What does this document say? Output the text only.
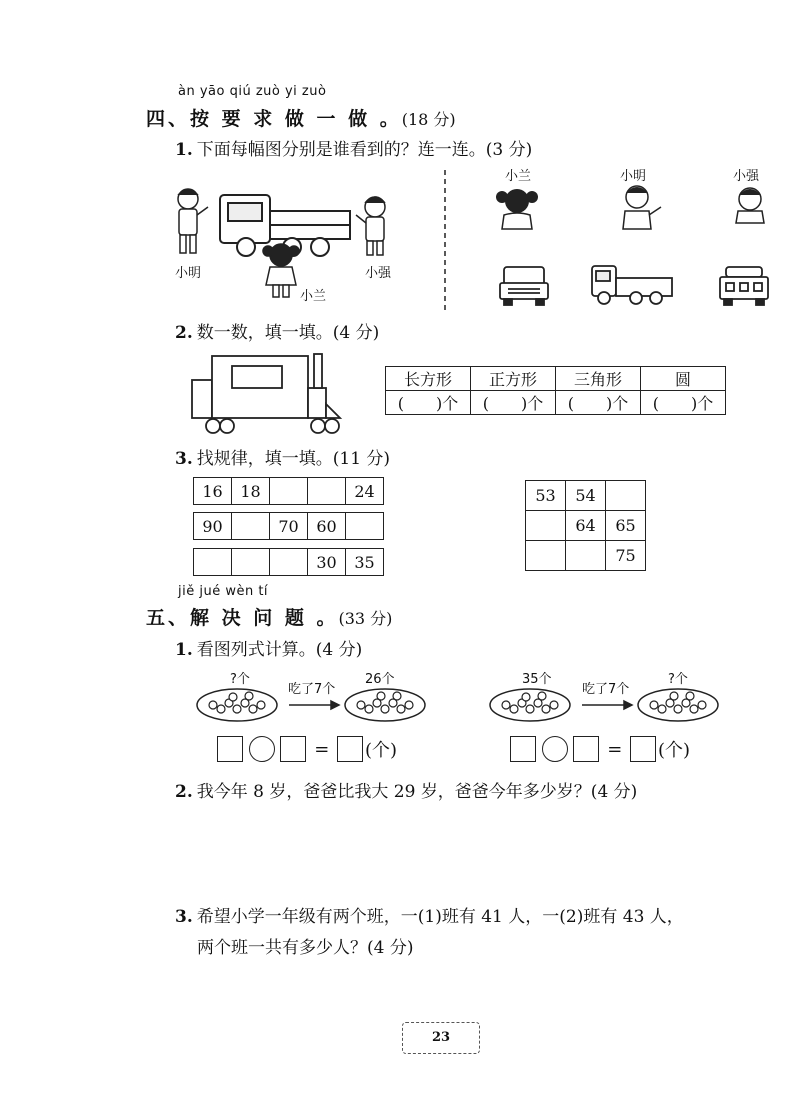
àn yāo qiú zuò yi zuò
四、按 要 求 做 一 做 。(18 分)
1. 下面每幅图分别是谁看到的？连一连。(3 分)
小明
小兰
小强
小兰	小明	小强
2. 数一数，填一填。(4 分)
长方形	正方形	三角形	圆
(　　)个	(　　)个	(　　)个	(　　)个
3. 找规律，填一填。(11 分)
16	18			24
90		70	60	
			30	35
53	54	
	64	65
		75
jiě jué wèn tí
五、解 决 问 题 。(33 分)
1. 看图列式计算。(4 分)
?个	26个
吃了7个
= (个)
35个	?个
吃了7个
= (个)
2. 我今年 8 岁，爸爸比我大 29 岁，爸爸今年多少岁？(4 分)
3. 希望小学一年级有两个班，一(1)班有 41 人，一(2)班有 43 人，
两个班一共有多少人？(4 分)
23
